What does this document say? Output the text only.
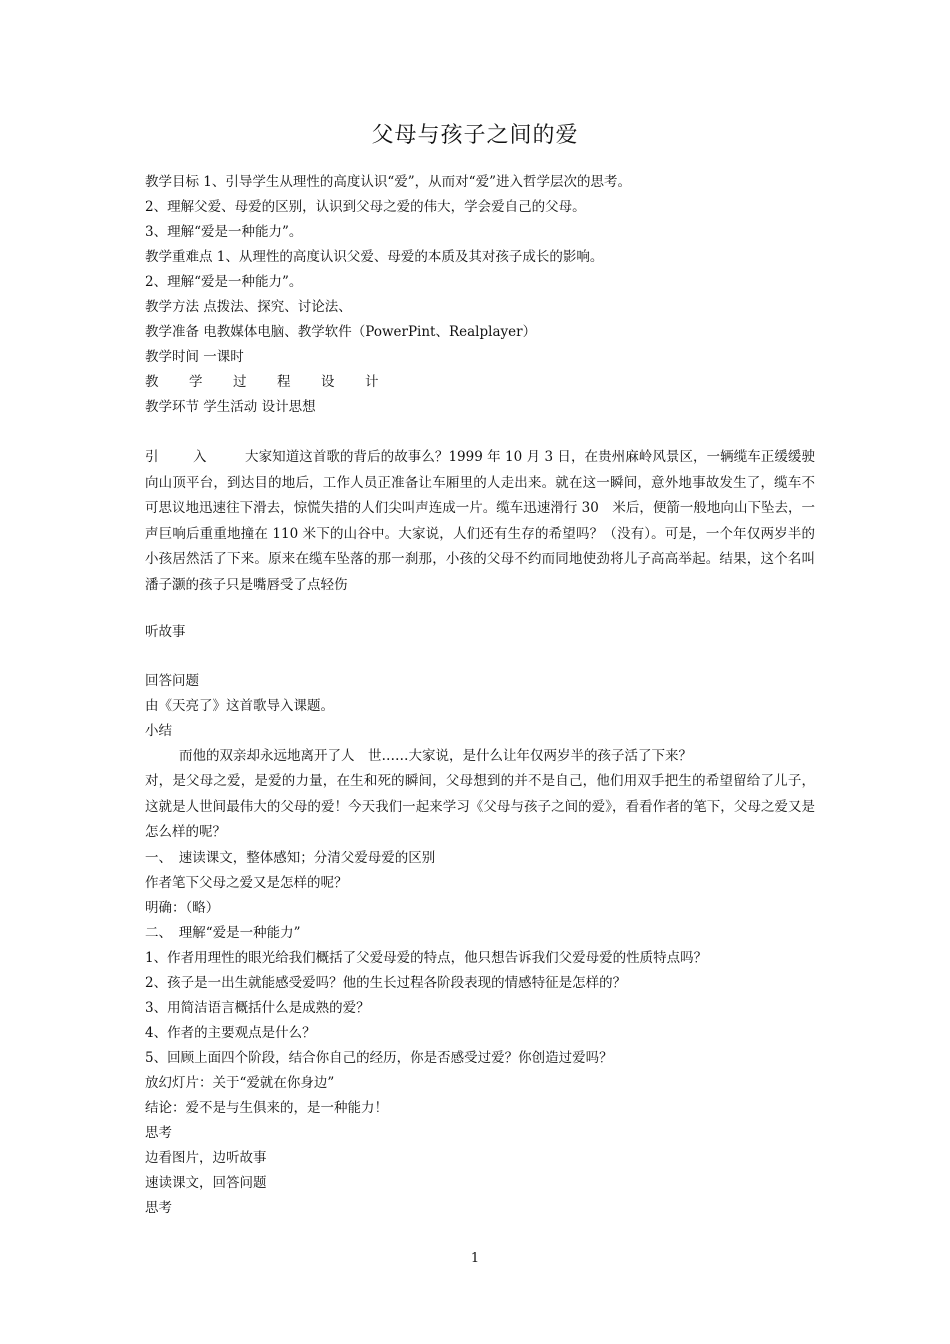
父母与孩子之间的爱
教学目标 1、引导学生从理性的高度认识“爱”，从而对“爱”进入哲学层次的思考。
2、理解父爱、母爱的区别，认识到父母之爱的伟大，学会爱自己的父母。
3、理解“爱是一种能力”。
教学重难点 1、从理性的高度认识父爱、母爱的本质及其对孩子成长的影响。
2、理解“爱是一种能力”。
教学方法 点拨法、探究、讨论法、
教学准备 电教媒体电脑、教学软件（PowerPint、Realplayer）
教学时间 一课时
教 学 过 程 设 计
教学环节 学生活动 设计思想
引	入	大家知道这首歌的背后的故事么？1999 年 10 月 3 日，在贵州麻岭风景区，一辆缆车正缓缓驶向山顶平台，到达目的地后，工作人员正准备让车厢里的人走出来。就在这一瞬间，意外地事故发生了，缆车不可思议地迅速往下滑去，惊慌失措的人们尖叫声连成一片。缆车迅速滑行 30　米后，便箭一般地向山下坠去，一声巨响后重重地撞在 110 米下的山谷中。大家说，人们还有生存的希望吗？（没有）。可是，一个年仅两岁半的小孩居然活了下来。原来在缆车坠落的那一刹那，小孩的父母不约而同地使劲将儿子高高举起。结果，这个名叫潘子灏的孩子只是嘴唇受了点轻伤
听故事
回答问题
由《天亮了》这首歌导入课题。
小结
而他的双亲却永远地离开了人　世……大家说，是什么让年仅两岁半的孩子活了下来？
对，是父母之爱，是爱的力量，在生和死的瞬间，父母想到的并不是自己，他们用双手把生的希望留给了儿子，这就是人世间最伟大的父母的爱！今天我们一起来学习《父母与孩子之间的爱》，看看作者的笔下，父母之爱又是怎么样的呢？
一、　速读课文，整体感知；分清父爱母爱的区别
作者笔下父母之爱又是怎样的呢？
明确：（略）
二、　理解“爱是一种能力”
1、作者用理性的眼光给我们概括了父爱母爱的特点，他只想告诉我们父爱母爱的性质特点吗？
2、孩子是一出生就能感受爱吗？他的生长过程各阶段表现的情感特征是怎样的？
3、用简洁语言概括什么是成熟的爱？
4、作者的主要观点是什么？
5、回顾上面四个阶段，结合你自己的经历，你是否感受过爱？你创造过爱吗？
放幻灯片：关于“爱就在你身边”
结论：爱不是与生俱来的，是一种能力！
思考
边看图片，边听故事
速读课文，回答问题
思考
1
